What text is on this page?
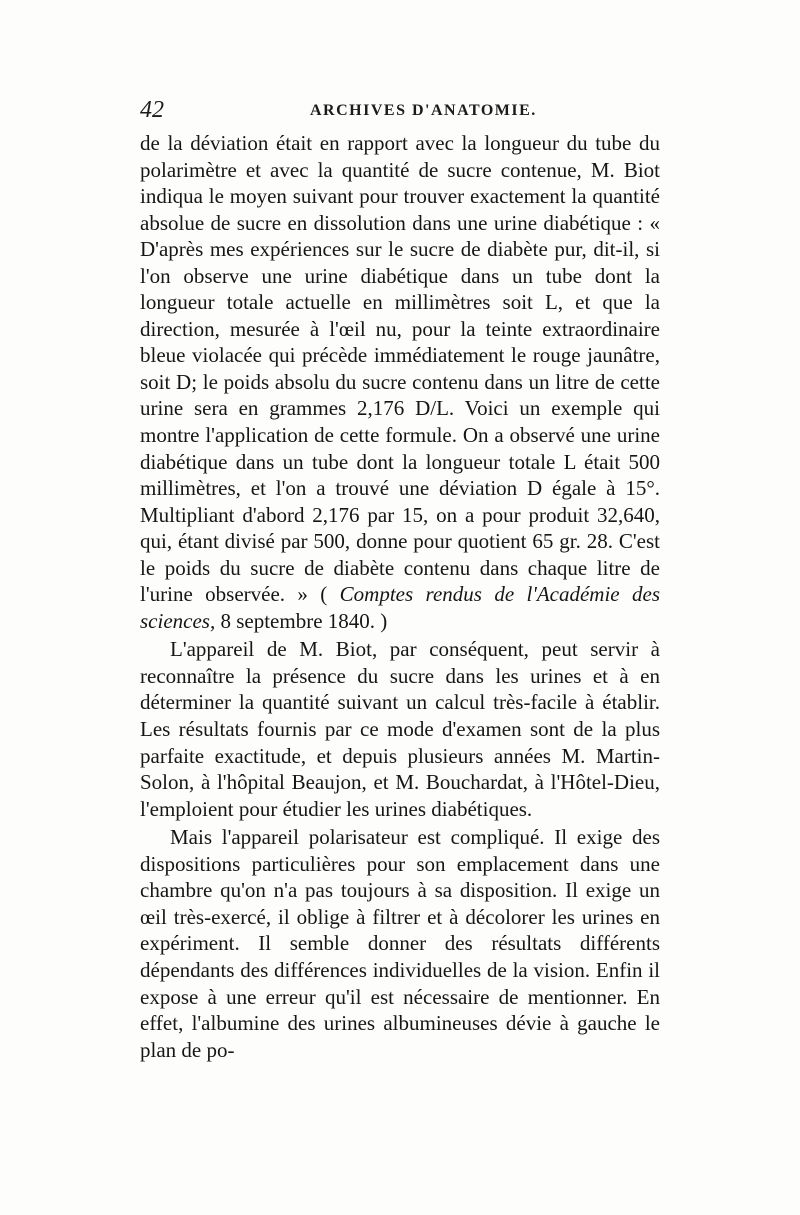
42	ARCHIVES D'ANATOMIE.

de la déviation était en rapport avec la longueur du tube du polarimètre et avec la quantité de sucre contenue, M. Biot indiqua le moyen suivant pour trouver exactement la quantité absolue de sucre en dissolution dans une urine diabétique : « D'après mes expériences sur le sucre de diabète pur, dit-il, si l'on observe une urine diabétique dans un tube dont la longueur totale actuelle en millimètres soit L, et que la direction, mesurée à l'œil nu, pour la teinte extraordinaire bleue violacée qui précède immédiatement le rouge jaunâtre, soit D; le poids absolu du sucre contenu dans un litre de cette urine sera en grammes 2,176 D/L. Voici un exemple qui montre l'application de cette formule. On a observé une urine diabétique dans un tube dont la longueur totale L était 500 millimètres, et l'on a trouvé une déviation D égale à 15°. Multipliant d'abord 2,176 par 15, on a pour produit 32,640, qui, étant divisé par 500, donne pour quotient 65 gr. 28. C'est le poids du sucre de diabète contenu dans chaque litre de l'urine observée. » ( Comptes rendus de l'Académie des sciences, 8 septembre 1840. )

L'appareil de M. Biot, par conséquent, peut servir à reconnaître la présence du sucre dans les urines et à en déterminer la quantité suivant un calcul très-facile à établir. Les résultats fournis par ce mode d'examen sont de la plus parfaite exactitude, et depuis plusieurs années M. Martin-Solon, à l'hôpital Beaujon, et M. Bouchardat, à l'Hôtel-Dieu, l'emploient pour étudier les urines diabétiques.

Mais l'appareil polarisateur est compliqué. Il exige des dispositions particulières pour son emplacement dans une chambre qu'on n'a pas toujours à sa disposition. Il exige un œil très-exercé, il oblige à filtrer et à décolorer les urines en expériment. Il semble donner des résultats différents dépendants des différences individuelles de la vision. Enfin il expose à une erreur qu'il est nécessaire de mentionner. En effet, l'albumine des urines albumineuses dévie à gauche le plan de po-
